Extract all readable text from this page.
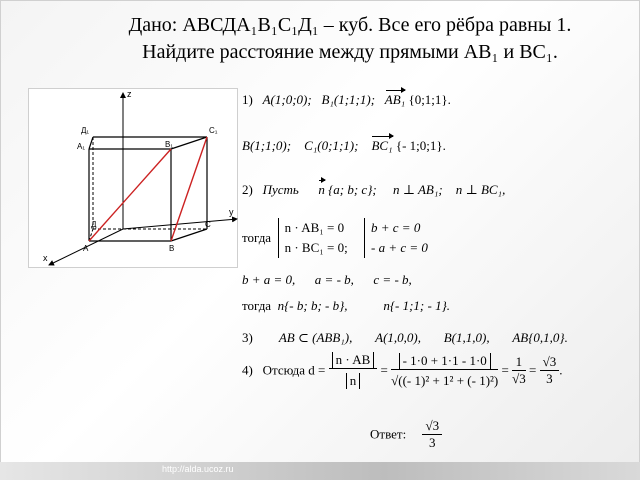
Дано: АВСДА₁В₁С₁Д₁ – куб. Все его рёбра равны 1.
Найдите расстояние между прямыми АВ₁ и ВС₁.
z
y
x
Д₁	С₁
А₁	В₁
Д	С
А	В
1) A(1;0;0); B₁(1;1;1); AB₁ {0;1;1}.
B(1;1;0); C₁(0;1;1); BC₁ {- 1;0;1}.
2) Пусть n {a; b; c}; n ⊥ AB₁; n ⊥ BC₁,
тогда
n · AB₁ = 0
n · BC₁ = 0;

b + c = 0
- a + c = 0
b + a = 0,      a = - b,      c = - b,
тогда n{- b; b; - b},	n{- 1;1; - 1}.
3) AB ⊂ (ABB₁), A(1,0,0), B(1,1,0), AB{0,1,0}.
4) Отсюда $d = \frac{n \cdot AB}{n} = \frac{- 1\cdot 0 + 1\cdot 1 - 1\cdot 0}{\text{√((- 1)² + 1² + (- 1)²)}} = \frac{1}{√3} = \frac{√3}{3}$ .
Ответ: $\frac{√3}{3}$
http://alda.ucoz.ru
